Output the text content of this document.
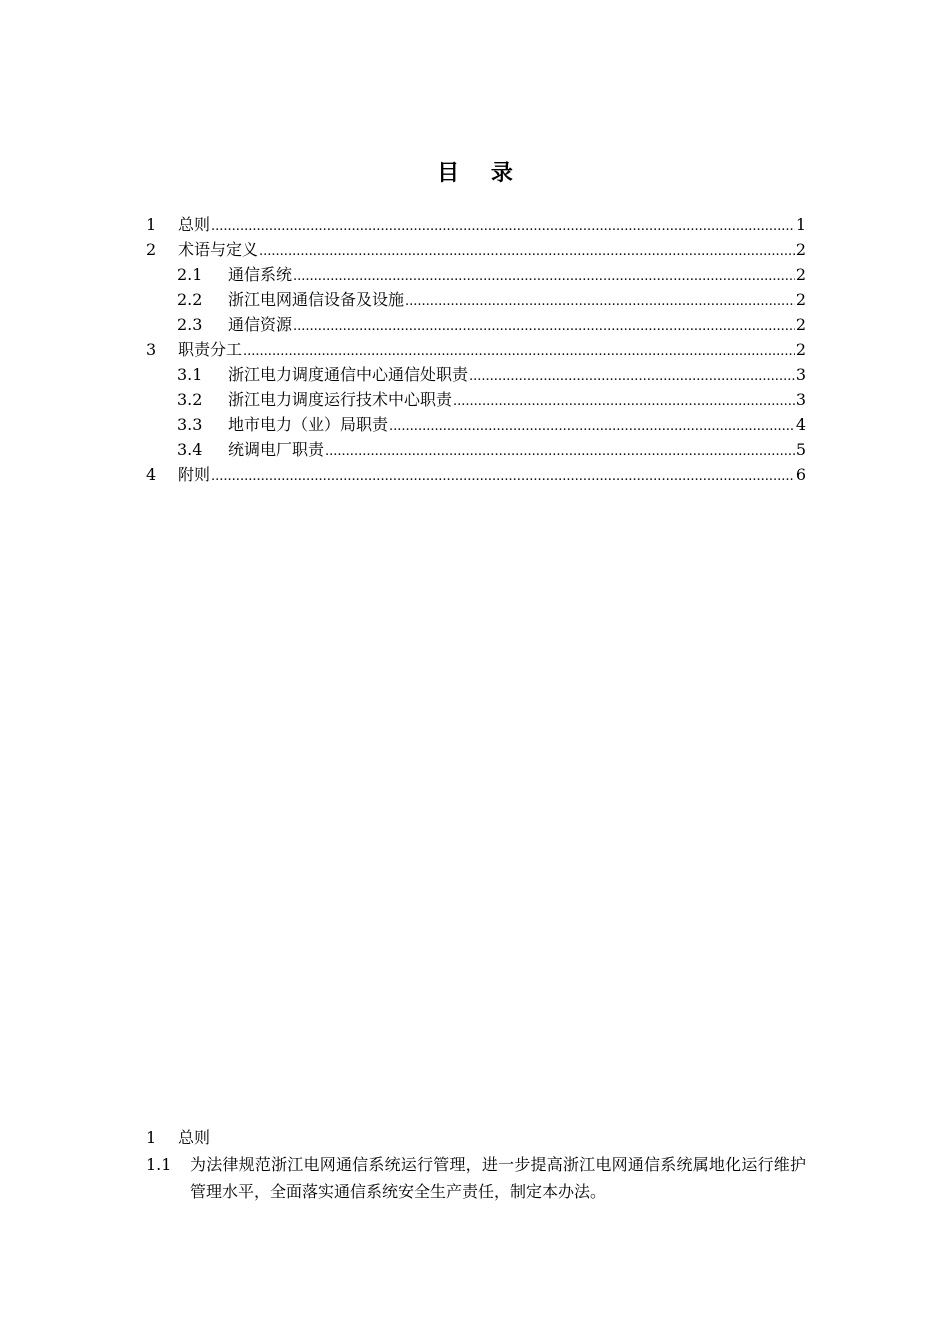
目 录
1	总则 .....	1
2	术语与定义 .....	2
2.1	通信系统 .....	2
2.2	浙江电网通信设备及设施 .....	2
2.3	通信资源 .....	2
3	职责分工 .....	2
3.1	浙江电力调度通信中心通信处职责 .....	3
3.2	浙江电力调度运行技术中心职责 .....	3
3.3	地市电力（业）局职责 .....	4
3.4	统调电厂职责 .....	5
4	附则 .....	6
1	总则
1.1	为法律规范浙江电网通信系统运行管理，进一步提高浙江电网通信系统属地化运行维护管理水平，全面落实通信系统安全生产责任，制定本办法。
